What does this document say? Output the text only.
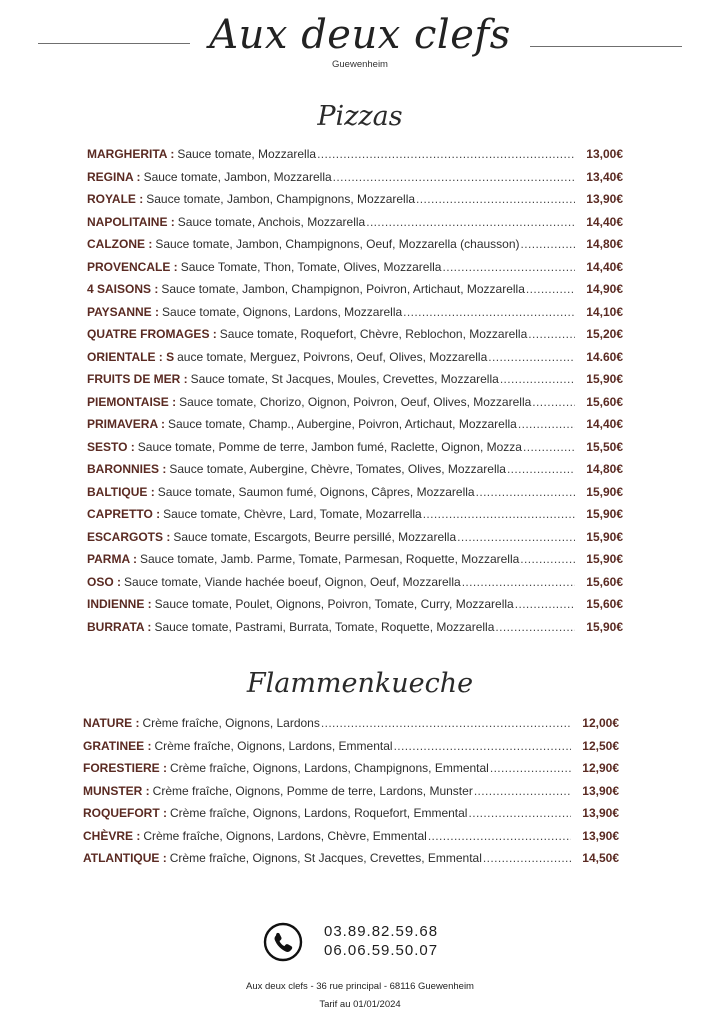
Aux deux clefs
Guewenheim
Pizzas
MARGHERITA : Sauce tomate, Mozzarella .....	13,00€
REGINA : Sauce tomate, Jambon, Mozzarella .....	13,40€
ROYALE : Sauce tomate, Jambon, Champignons, Mozzarella .....	13,90€
NAPOLITAINE : Sauce tomate, Anchois, Mozzarella .....	14,40€
CALZONE : Sauce tomate, Jambon, Champignons, Oeuf, Mozzarella (chausson) .....	14,80€
PROVENCALE : Sauce Tomate, Thon, Tomate, Olives, Mozzarella .....	14,40€
4 SAISONS : Sauce tomate, Jambon, Champignon, Poivron, Artichaut, Mozzarella .....	14,90€
PAYSANNE : Sauce tomate, Oignons, Lardons, Mozzarella .....	14,10€
QUATRE FROMAGES : Sauce tomate, Roquefort, Chèvre, Reblochon, Mozzarella .....	15,20€
ORIENTALE : S auce tomate, Merguez, Poivrons, Oeuf, Olives, Mozzarella .....	14.60€
FRUITS DE MER : Sauce tomate, St Jacques, Moules, Crevettes, Mozzarella .....	15,90€
PIEMONTAISE : Sauce tomate, Chorizo, Oignon, Poivron, Oeuf, Olives, Mozzarella .....	15,60€
PRIMAVERA : Sauce tomate, Champ., Aubergine, Poivron, Artichaut, Mozzarella .....	14,40€
SESTO : Sauce tomate, Pomme de terre, Jambon fumé, Raclette, Oignon, Mozza .....	15,50€
BARONNIES : Sauce tomate, Aubergine, Chèvre, Tomates, Olives, Mozzarella .....	14,80€
BALTIQUE : Sauce tomate, Saumon fumé, Oignons, Câpres, Mozzarella .....	15,90€
CAPRETTO : Sauce tomate, Chèvre, Lard, Tomate, Mozarrella .....	15,90€
ESCARGOTS : Sauce tomate, Escargots, Beurre persillé, Mozzarella .....	15,90€
PARMA : Sauce tomate, Jamb. Parme, Tomate, Parmesan, Roquette, Mozzarella .....	15,90€
OSO : Sauce tomate, Viande hachée boeuf, Oignon, Oeuf, Mozzarella .....	15,60€
INDIENNE : Sauce tomate, Poulet, Oignons, Poivron, Tomate, Curry, Mozzarella .....	15,60€
BURRATA : Sauce tomate, Pastrami, Burrata, Tomate, Roquette, Mozzarella .....	15,90€
Flammenkueche
NATURE : Crème fraîche, Oignons, Lardons .....	12,00€
GRATINEE : Crème fraîche, Oignons, Lardons, Emmental .....	12,50€
FORESTIERE : Crème fraîche, Oignons, Lardons, Champignons, Emmental .....	12,90€
MUNSTER : Crème fraîche, Oignons, Pomme de terre, Lardons, Munster .....	13,90€
ROQUEFORT : Crème fraîche, Oignons, Lardons, Roquefort, Emmental .....	13,90€
CHÈVRE : Crème fraîche, Oignons, Lardons, Chèvre, Emmental .....	13,90€
ATLANTIQUE : Crème fraîche, Oignons, St Jacques, Crevettes, Emmental .....	14,50€
03.89.82.59.68
06.06.59.50.07
Aux deux clefs - 36 rue principal - 68116 Guewenheim
Tarif au 01/01/2024
